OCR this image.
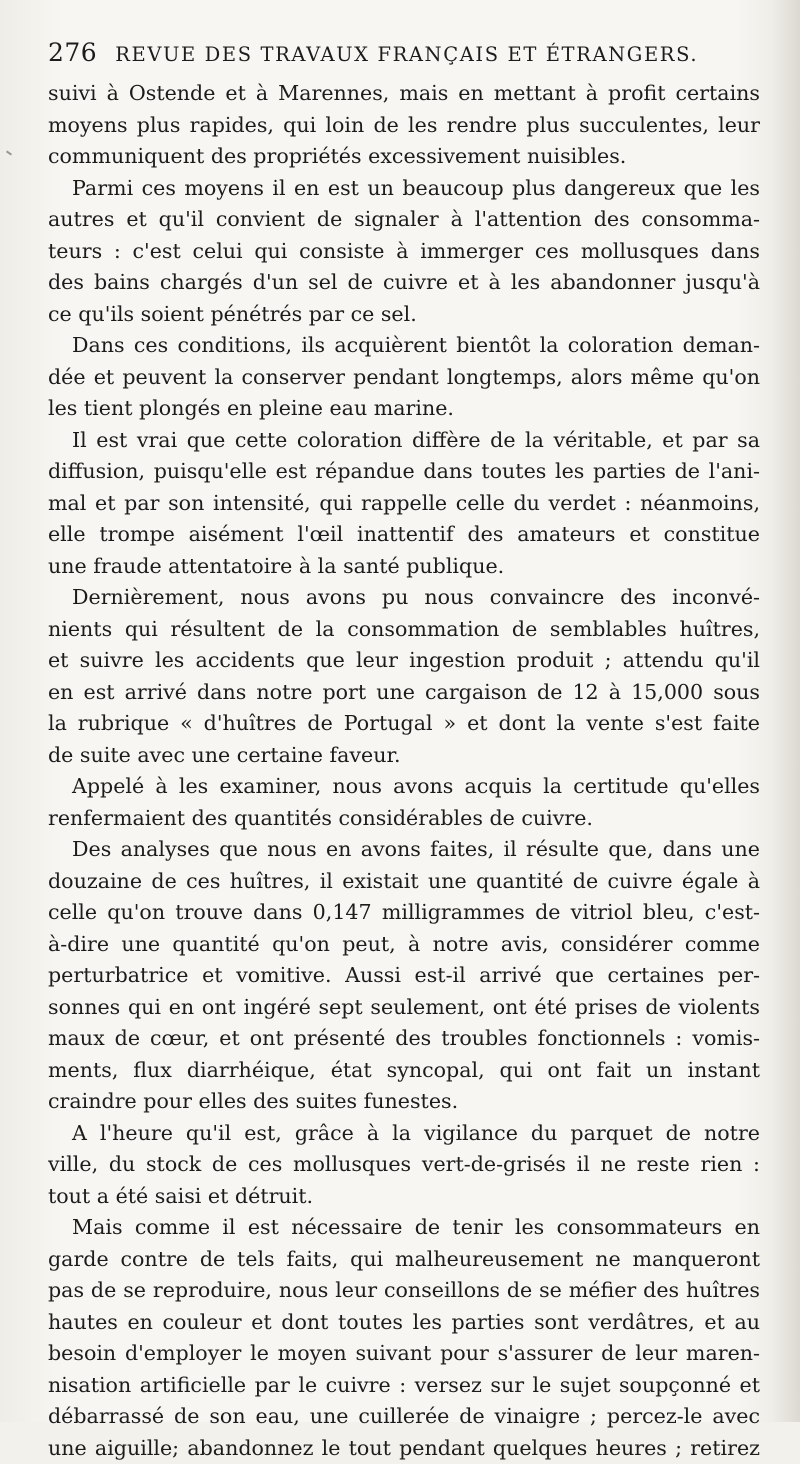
276 REVUE DES TRAVAUX FRANÇAIS ET ÉTRANGERS.
suivi à Ostende et à Marennes, mais en mettant à profit certains
moyens plus rapides, qui loin de les rendre plus succulentes, leur
communiquent des propriétés excessivement nuisibles.
Parmi ces moyens il en est un beaucoup plus dangereux que les
autres et qu'il convient de signaler à l'attention des consomma-
teurs : c'est celui qui consiste à immerger ces mollusques dans
des bains chargés d'un sel de cuivre et à les abandonner jusqu'à
ce qu'ils soient pénétrés par ce sel.
Dans ces conditions, ils acquièrent bientôt la coloration deman-
dée et peuvent la conserver pendant longtemps, alors même qu'on
les tient plongés en pleine eau marine.
Il est vrai que cette coloration diffère de la véritable, et par sa
diffusion, puisqu'elle est répandue dans toutes les parties de l'ani-
mal et par son intensité, qui rappelle celle du verdet : néanmoins,
elle trompe aisément l'œil inattentif des amateurs et constitue
une fraude attentatoire à la santé publique.
Dernièrement, nous avons pu nous convaincre des inconvé-
nients qui résultent de la consommation de semblables huîtres,
et suivre les accidents que leur ingestion produit ; attendu qu'il
en est arrivé dans notre port une cargaison de 12 à 15,000 sous
la rubrique « d'huîtres de Portugal » et dont la vente s'est faite
de suite avec une certaine faveur.
Appelé à les examiner, nous avons acquis la certitude qu'elles
renfermaient des quantités considérables de cuivre.
Des analyses que nous en avons faites, il résulte que, dans une
douzaine de ces huîtres, il existait une quantité de cuivre égale à
celle qu'on trouve dans 0,147 milligrammes de vitriol bleu, c'est-
à-dire une quantité qu'on peut, à notre avis, considérer comme
perturbatrice et vomitive. Aussi est-il arrivé que certaines per-
sonnes qui en ont ingéré sept seulement, ont été prises de violents
maux de cœur, et ont présenté des troubles fonctionnels : vomis-
ments, flux diarrhéique, état syncopal, qui ont fait un instant
craindre pour elles des suites funestes.
A l'heure qu'il est, grâce à la vigilance du parquet de notre
ville, du stock de ces mollusques vert-de-grisés il ne reste rien :
tout a été saisi et détruit.
Mais comme il est nécessaire de tenir les consommateurs en
garde contre de tels faits, qui malheureusement ne manqueront
pas de se reproduire, nous leur conseillons de se méfier des huîtres
hautes en couleur et dont toutes les parties sont verdâtres, et au
besoin d'employer le moyen suivant pour s'assurer de leur maren-
nisation artificielle par le cuivre : versez sur le sujet soupçonné et
débarrassé de son eau, une cuillerée de vinaigre ; percez-le avec
une aiguille; abandonnez le tout pendant quelques heures ; retirez
